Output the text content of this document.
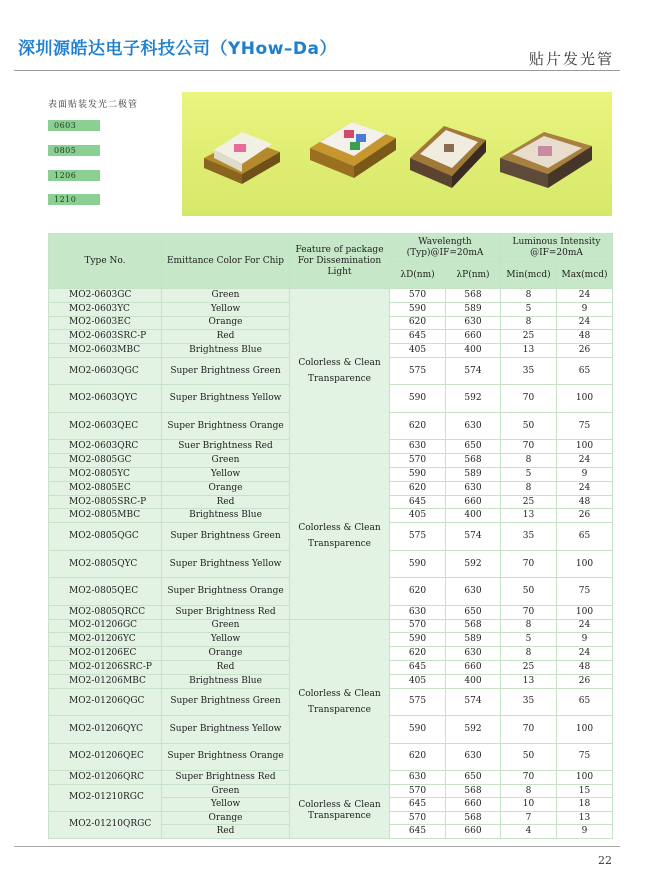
深圳源皓达电子科技公司（YHow–Da）	贴片发光管
表面贴装发光二极管
0603
0805
1206
1210
Type No.	Emittance Color For Chip	Feature of package For Dissemination Light	Wavelength (Typ)@IF=20mA		Luminous Intensity @IF=20mA	
			λD(nm)	λP(nm)	Min(mcd)	Max(mcd)
MO2-0603GC	Green	Colorless & Clean Transparence	570	568	8	24
MO2-0603YC	Yellow		590	589	5	9
MO2-0603EC	Orange		620	630	8	24
MO2-0603SRC-P	Red		645	660	25	48
MO2-0603MBC	Brightness Blue		405	400	13	26
MO2-0603QGC	Super Brightness Green		575	574	35	65
MO2-0603QYC	Super Brightness Yellow		590	592	70	100
MO2-0603QEC	Super Brightness Orange		620	630	50	75
MO2-0603QRC	Suer Brightness Red		630	650	70	100
MO2-0805GC	Green	Colorless & Clean Transparence	570	568	8	24
MO2-0805YC	Yellow		590	589	5	9
MO2-0805EC	Orange		620	630	8	24
MO2-0805SRC-P	Red		645	660	25	48
MO2-0805MBC	Brightness Blue		405	400	13	26
MO2-0805QGC	Super Brightness Green		575	574	35	65
MO2-0805QYC	Super Brightness Yellow		590	592	70	100
MO2-0805QEC	Super Brightness Orange		620	630	50	75
MO2-0805QRCC	Super Brightness Red		630	650	70	100
MO2-01206GC	Green	Colorless & Clean Transparence	570	568	8	24
MO2-01206YC	Yellow		590	589	5	9
MO2-01206EC	Orange		620	630	8	24
MO2-01206SRC-P	Red		645	660	25	48
MO2-01206MBC	Brightness Blue		405	400	13	26
MO2-01206QGC	Super Brightness Green		575	574	35	65
MO2-01206QYC	Super Brightness Yellow		590	592	70	100
MO2-01206QEC	Super Brightness Orange		620	630	50	75
MO2-01206QRC	Super Brightness Red		630	650	70	100
MO2-01210RGC	Green	Colorless & Clean Transparence	570	568	8	15
	Yellow		645	660	10	18
MO2-01210QRGC	Orange		570	568	7	13
	Red		645	660	4	9
22
